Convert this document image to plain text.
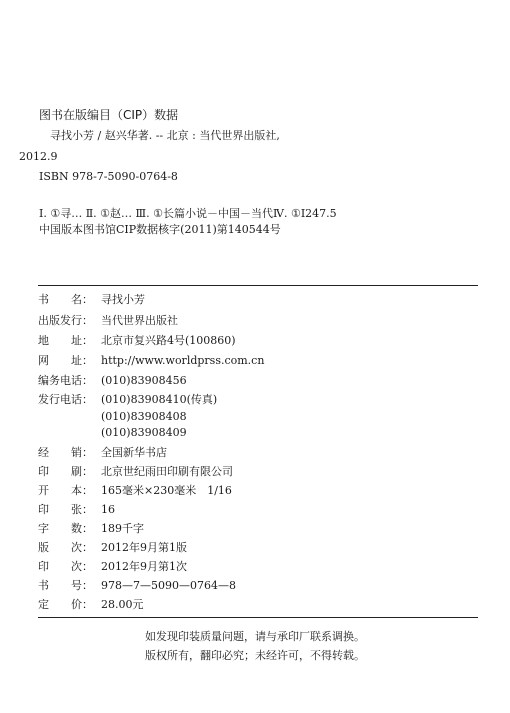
图书在版编目（CIP）数据
寻找小芳 / 赵兴华著. -- 北京 : 当代世界出版社,
2012.9
ISBN 978-7-5090-0764-8
Ⅰ. ①寻… Ⅱ. ①赵… Ⅲ. ①长篇小说－中国－当代Ⅳ. ①I247.5
中国版本图书馆CIP数据核字(2011)第140544号
书　　名： 寻找小芳
出版发行： 当代世界出版社
地　　址： 北京市复兴路4号(100860)
网　　址： http://www.worldprss.com.cn
编务电话： (010)83908456
发行电话： (010)83908410(传真)
(010)83908408
(010)83908409
经　　销： 全国新华书店
印　　刷： 北京世纪雨田印刷有限公司
开　　本： 165毫米×230毫米　1/16
印　　张： 16
字　　数： 189千字
版　　次： 2012年9月第1版
印　　次： 2012年9月第1次
书　　号： 978—7—5090—0764—8
定　　价： 28.00元
如发现印装质量问题，请与承印厂联系调换。
版权所有，翻印必究；未经许可，不得转载。
